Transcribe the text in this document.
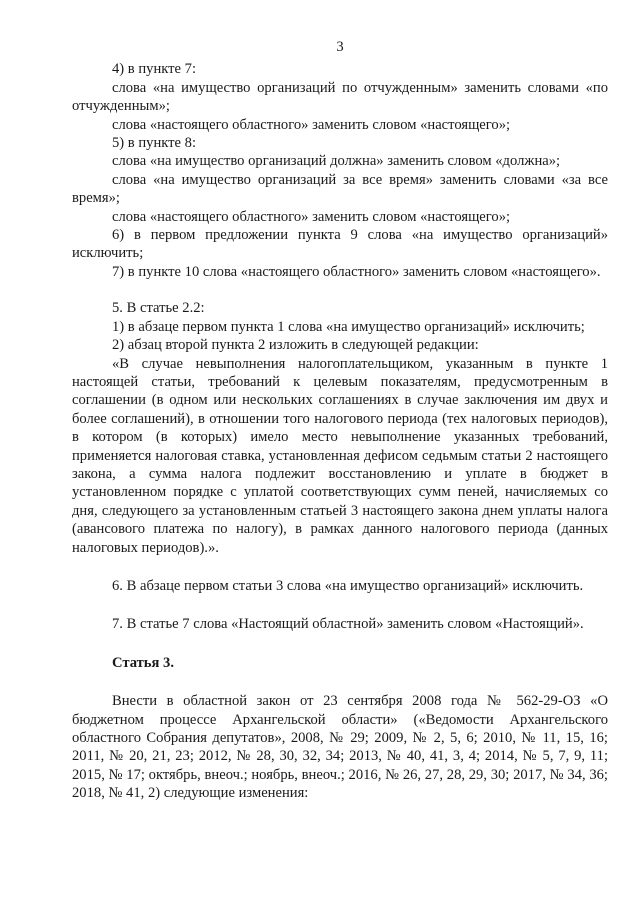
3

4) в пункте 7:

слова «на имущество организаций по отчужденным» заменить словами «по отчужденным»;

слова «настоящего областного» заменить словом «настоящего»;

5) в пункте 8:

слова «на имущество организаций должна» заменить словом «должна»;

слова «на имущество организаций за все время» заменить словами «за все время»;

слова «настоящего областного» заменить словом «настоящего»;

6) в первом предложении пункта 9 слова «на имущество организаций» исключить;

7) в пункте 10 слова «настоящего областного» заменить словом «настоящего».

5. В статье 2.2:

1) в абзаце первом пункта 1 слова «на имущество организаций» исключить;

2) абзац второй пункта 2 изложить в следующей редакции:

«В случае невыполнения налогоплательщиком, указанным в пункте 1 настоящей статьи, требований к целевым показателям, предусмотренным в соглашении (в одном или нескольких соглашениях в случае заключения им двух и более соглашений), в отношении того налогового периода (тех налоговых периодов), в котором (в которых) имело место невыполнение указанных требований, применяется налоговая ставка, установленная дефисом седьмым статьи 2 настоящего закона, а сумма налога подлежит восстановлению и уплате в бюджет в установленном порядке с уплатой соответствующих сумм пеней, начисляемых со дня, следующего за установленным статьей 3 настоящего закона днем уплаты налога (авансового платежа по налогу), в рамках данного налогового периода (данных налоговых периодов).».

6. В абзаце первом статьи 3 слова «на имущество организаций» исключить.

7. В статье 7 слова «Настоящий областной» заменить словом «Настоящий».

Статья 3.

Внести в областной закон от 23 сентября 2008 года № 562-29-ОЗ «О бюджетном процессе Архангельской области» («Ведомости Архангельского областного Собрания депутатов», 2008, № 29; 2009, № 2, 5, 6; 2010, № 11, 15, 16; 2011, № 20, 21, 23; 2012, № 28, 30, 32, 34; 2013, № 40, 41, 3, 4; 2014, № 5, 7, 9, 11; 2015, № 17; октябрь, внеоч.; ноябрь, внеоч.; 2016, № 26, 27, 28, 29, 30; 2017, № 34, 36; 2018, № 41, 2) следующие изменения:
